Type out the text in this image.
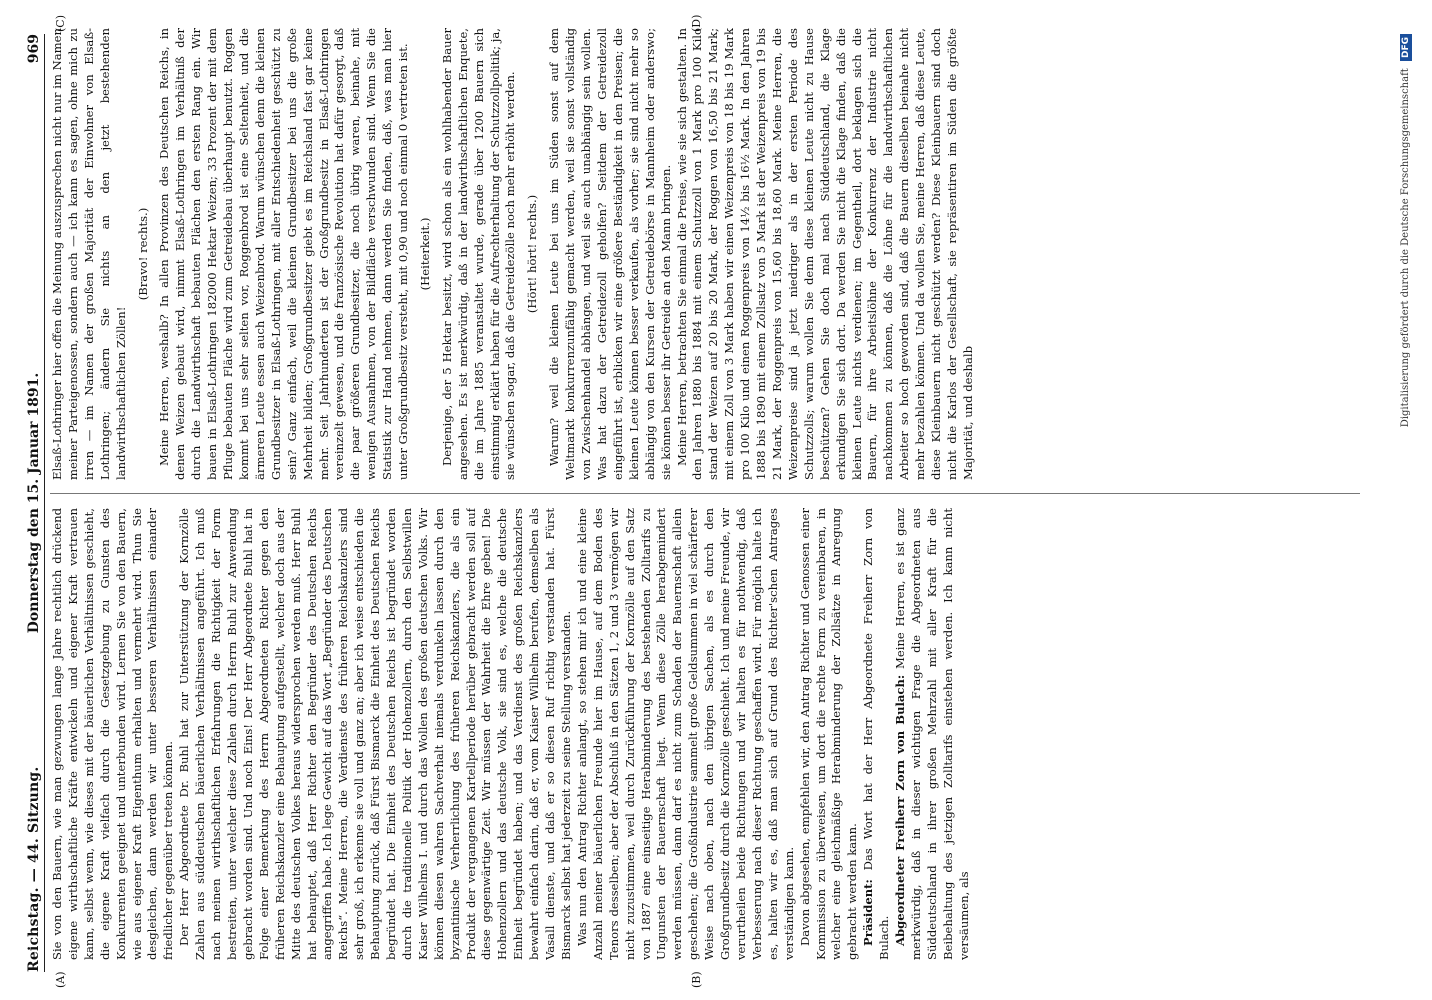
Reichstag. — 44. Sitzung.
Donnerstag den 15. Januar 1891.
969
(A)	(B)
(C)	(D)

Sie von den Bauern, wie man gezwungen lange Jahre rechtlich drückend eigene wirthschaftliche Kräfte entwickeln und eigener Kraft vertrauen kann, selbst wenn, wie dieses mit der bäuerlichen Verhältnissen geschieht, die eigene Kraft vielfach durch die Gesetzgebung zu Gunsten des Konkurrenten geeignet und unterbunden wird. Lernen Sie von den Bauern, wie aus eigener Kraft Eigenthum erhalten und vermehrt wird. Thun Sie desgleichen, dann werden wir unter besseren Verhältnissen einander friedlicher gegenüber treten können. Der Herr Abgeordnete Dr. Buhl hat zur Unterstützung der Kornzölle Zahlen aus süddeutschen bäuerlichen Verhältnissen angeführt. Ich muß nach meinen wirthschaftlichen Erfahrungen die Richtigkeit der Form bestreiten, unter welcher diese Zahlen durch Herrn Buhl zur Anwendung gebracht worden sind. Und noch Eins! Der Herr Abgeordnete Buhl hat in Folge einer Bemerkung des Herrn Abgeordneten Richter gegen den früheren Reichskanzler eine Behauptung aufgestellt, welcher doch aus der Mitte des deutschen Volkes heraus widersprochen werden muß. Herr Buhl hat behauptet, daß Herr Richter den Begründer des Deutschen Reichs angegriffen habe. Ich lege Gewicht auf das Wort „Begründer des Deutschen Reichs“. Meine Herren, die Verdienste des früheren Reichskanzlers sind sehr groß, ich erkenne sie voll und ganz an; aber ich weise entschieden die Behauptung zurück, daß Fürst Bismarck die Einheit des Deutschen Reichs begründet hat. Die Einheit des Deutschen Reichs ist begründet worden durch die traditionelle Politik der Hohenzollern, durch den Selbstwillen Kaiser Wilhelms I. und durch das Wollen des großen deutschen Volks. Wir können diesen wahren Sachverhalt niemals verdunkeln lassen durch den byzantinische Verherrlichung des früheren Reichskanzlers, die als ein Produkt der vergangenen Kartellperiode herüber gebracht werden soll auf diese gegenwärtige Zeit. Wir müssen der Wahrheit die Ehre geben! Die Hohenzollern und das deutsche Volk, sie sind es, welche die deutsche Einheit begründet haben; und das Verdienst des großen Reichskanzlers bewahrt einfach darin, daß er, vom Kaiser Wilhelm berufen, demselben als Vasall dienste, und daß er so diesen Ruf richtig verstanden hat. Fürst Bismarck selbst hat jederzeit zu seine Stellung verstanden. Was nun den Antrag Richter anlangt, so stehen mir ich und eine kleine Anzahl meiner bäuerlichen Freunde hier im Hause, auf dem Boden des Tenors desselben; aber der Abschluß in den Sätzen 1, 2 und 3 vermögen wir nicht zuzustimmen, weil durch Zurückführung der Kornzölle auf den Satz von 1887 eine einseitige Herabminderung des bestehenden Zolltarifs zu Ungunsten der Bauernschaft liegt. Wenn diese Zölle herabgemindert werden müssen, dann darf es nicht zum Schaden der Bauernschaft allein geschehen; die Großindustrie sammelt große Geldsummen in viel schärferer Weise nach oben, nach den übrigen Sachen, als es durch den Großgrundbesitz durch die Kornzölle geschieht. Ich und meine Freunde, wir verurtheilen beide Richtungen und wir halten es für nothwendig, daß Verbesserung nach dieser Richtung geschaffen wird. Für möglich halte ich es, halten wir es, daß man sich auf Grund des Richter'schen Antrages verständigen kann. Davon abgesehen, empfehlen wir, den Antrag Richter und Genossen einer Kommission zu überweisen, um dort die rechte Form zu vereinbaren, in welcher eine gleichmäßige Herabminderung der Zollsätze in Anregung gebracht werden kann. Präsident: Das Wort hat der Herr Abgeordnete Freiherr Zorn von Bulach. Abgeordneter Freiherr Zorn von Bulach: Meine Herren, es ist ganz merkwürdig, daß in dieser wichtigen Frage die Abgeordneten aus Süddeutschland in ihrer großen Mehrzahl mit aller Kraft für die Beibehaltung des jetzigen Zolltarifs einstehen werden. Ich kann nicht versäumen, als

Elsaß-Lothringer hier offen die Meinung auszusprechen nicht nur im Namen meiner Parteigenossen, sondern auch — ich kann es sagen, ohne mich zu irren — im Namen der großen Majorität der Einwohner von Elsaß-Lothringen; ändern Sie nichts an den jetzt bestehenden landwirthschaftlichen Zöllen!

(Bravo! rechts.) Meine Herren, weshalb? In allen Provinzen des Deutschen Reichs, in denen Weizen gebaut wird, nimmt Elsaß-Lothringen im Verhältniß der durch die Landwirthschaft bebauten Flächen den ersten Rang ein. Wir bauen in Elsaß-Lothringen 182000 Hektar Weizen; 33 Prozent der mit dem Pfluge bebauten Fläche wird zum Getreidebau überhaupt benutzt. Roggen kommt bei uns sehr selten vor, Roggenbrod ist eine Seltenheit, und die ärmeren Leute essen auch Weizenbrod. Warum wünschen denn die kleinen Grundbesitzer in Elsaß-Lothringen, mit aller Entschiedenheit geschützt zu sein? Ganz einfach, weil die kleinen Grundbesitzer bei uns die große Mehrheit bilden; Großgrundbesitzer giebt es im Reichsland fast gar keine mehr. Seit Jahrhunderten ist der Großgrundbesitz in Elsaß-Lothringen vereinzelt gewesen, und die französische Revolution hat dafür gesorgt, daß die paar größeren Grundbesitzer, die noch übrig waren, beinahe, mit wenigen Ausnahmen, von der Bildfläche verschwunden sind. Wenn Sie die Statistik zur Hand nehmen, dann werden Sie finden, daß, was man hier unter Großgrundbesitz versteht, mit 0,90 und noch einmal 0 vertreten ist. (Heiterkeit.) Derjenige, der 5 Hektar besitzt, wird schon als ein wohlhabender Bauer angesehen. Es ist merkwürdig, daß in der landwirthschaftlichen Enquete, die im Jahre 1885 veranstaltet wurde, gerade über 1200 Bauern sich einstimmig erklärt haben für die Aufrechterhaltung der Schutzzollpolitik; ja, sie wünschen sogar, daß die Getreidezölle noch mehr erhöht werden. (Hört! hört! rechts.) Warum? weil die kleinen Leute bei uns im Süden sonst auf dem Weltmarkt konkurrenzunfähig gemacht werden, weil sie sonst vollständig von Zwischenhandel abhängen, und weil sie auch unabhängig sein wollen. Was hat dazu der Getreidezoll geholfen? Seitdem der Getreidezoll eingeführt ist, erblicken wir eine größere Beständigkeit in den Preisen; die kleinen Leute können besser verkaufen, als vorher; sie sind nicht mehr so abhängig von den Kursen der Getreidebörse in Mannheim oder anderswo; sie können besser ihr Getreide an den Mann bringen. Meine Herren, betrachten Sie einmal die Preise, wie sie sich gestalten. In den Jahren 1880 bis 1884 mit einem Schutzzoll von 1 Mark pro 100 Kilo stand der Weizen auf 20 bis 20 Mark, der Roggen von 16,50 bis 21 Mark; mit einem Zoll von 3 Mark haben wir einen Weizenpreis von 18 bis 19 Mark pro 100 Kilo und einen Roggenpreis von 14½ bis 16½ Mark. In den Jahren 1888 bis 1890 mit einem Zollsatz von 5 Mark ist der Weizenpreis von 19 bis 21 Mark, der Roggenpreis von 15,60 bis 18,60 Mark. Meine Herren, die Weizenpreise sind ja jetzt niedriger als in der ersten Periode des Schutzzolls; warum wollen Sie denn diese kleinen Leute nicht zu Hause beschützen? Gehen Sie doch mal nach Süddeutschland, die Klage erkundigen Sie sich dort. Da werden Sie nicht die Klage finden, daß die kleinen Leute nichts verdienen; im Gegentheil, dort beklagen sich die Bauern, für ihre Arbeitslöhne der Konkurrenz der Industrie nicht nachkommen zu können, daß die Löhne für die landwirthschaftlichen Arbeiter so hoch geworden sind, daß die Bauern dieselben beinahe nicht mehr bezahlen können. Und da wollen Sie, meine Herren, daß diese Leute, diese Kleinbauern nicht geschützt werden? Diese Kleinbauern sind doch nicht die Karlos der Gesellschaft, sie repräsentiren im Süden die größte Majorität, und deshalb	Digitalisierung gefördert durch die Deutsche Forschungsgemeinschaft DFG
